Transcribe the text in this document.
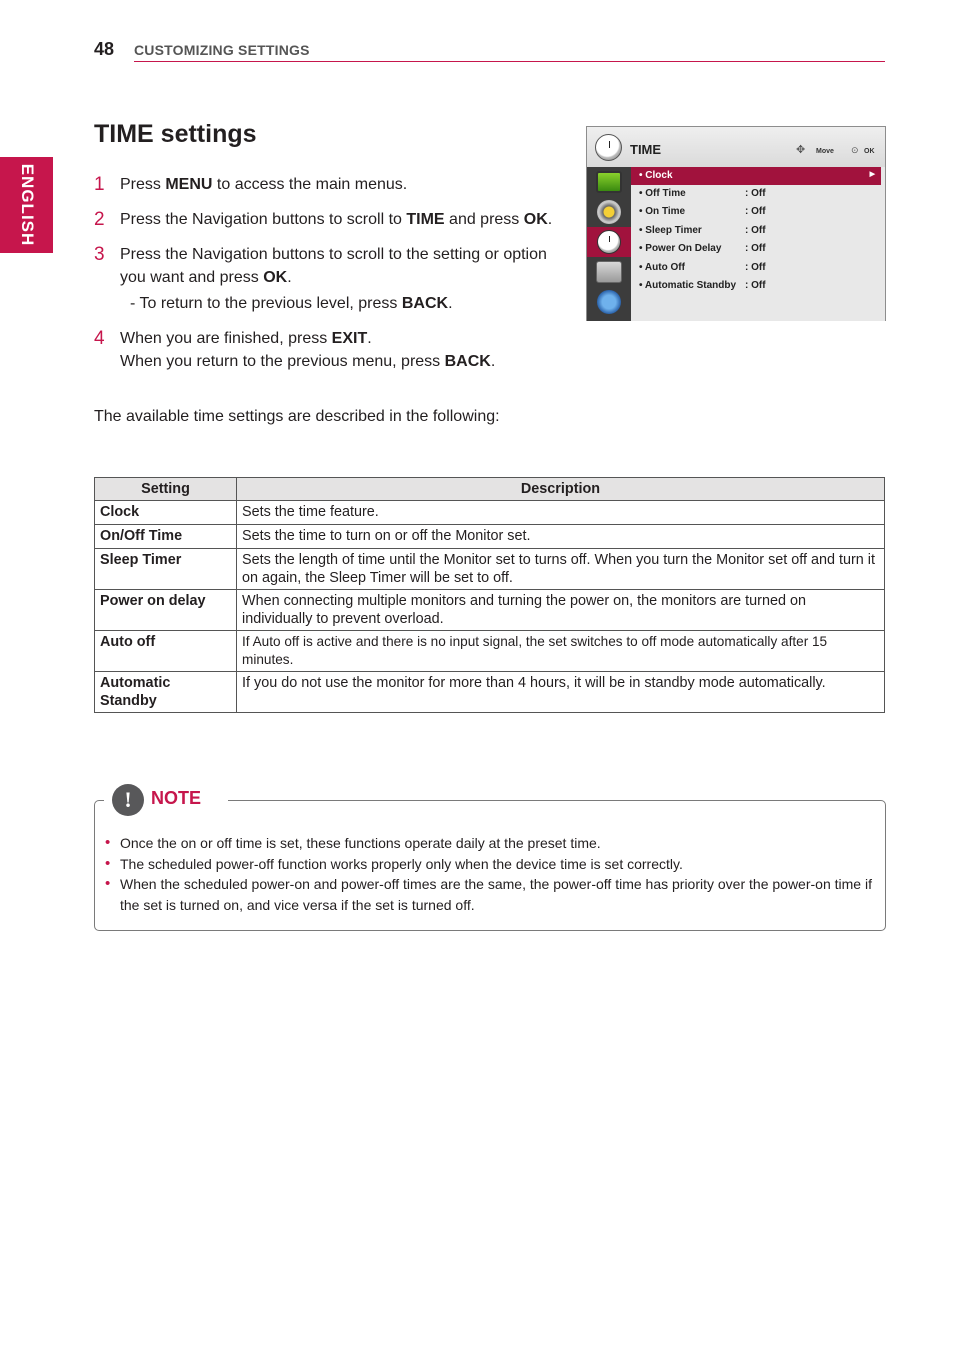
48 CUSTOMIZING SETTINGS
ENGLISH
TIME settings
1 Press MENU to access the main menus.
2 Press the Navigation buttons to scroll to TIME and press OK.
3 Press the Navigation buttons to scroll to the setting or option you want and press OK.
- To return to the previous level, press BACK.
4 When you are finished, press EXIT.
When you return to the previous menu, press BACK.

The available time settings are described in the following:

TIME	✥ Move ⊙ OK
• Clock	▶
• Off Time	: Off
• On Time	: Off
• Sleep Timer	: Off
• Power On Delay : Off
• Auto Off	: Off
• Automatic Standby : Off
Setting	Description
Clock	Sets the time feature.
On/Off Time	Sets the time to turn on or off the Monitor set.
Sleep Timer	Sets the length of time until the Monitor set to turns off. When you turn the Monitor set off and turn it on again, the Sleep Timer will be set to off.
Power on delay	When connecting multiple monitors and turning the power on, the monitors are turned on individually to prevent overload.
Auto off	If Auto off is active and there is no input signal, the set switches to off mode automatically after 15 minutes.
Automatic Standby	If you do not use the monitor for more than 4 hours, it will be in standby mode automatically.
!	NOTE
• Once the on or off time is set, these functions operate daily at the preset time.
• The scheduled power-off function works properly only when the device time is set correctly.
• When the scheduled power-on and power-off times are the same, the power-off time has priority over the power-on time if the set is turned on, and vice versa if the set is turned off.
